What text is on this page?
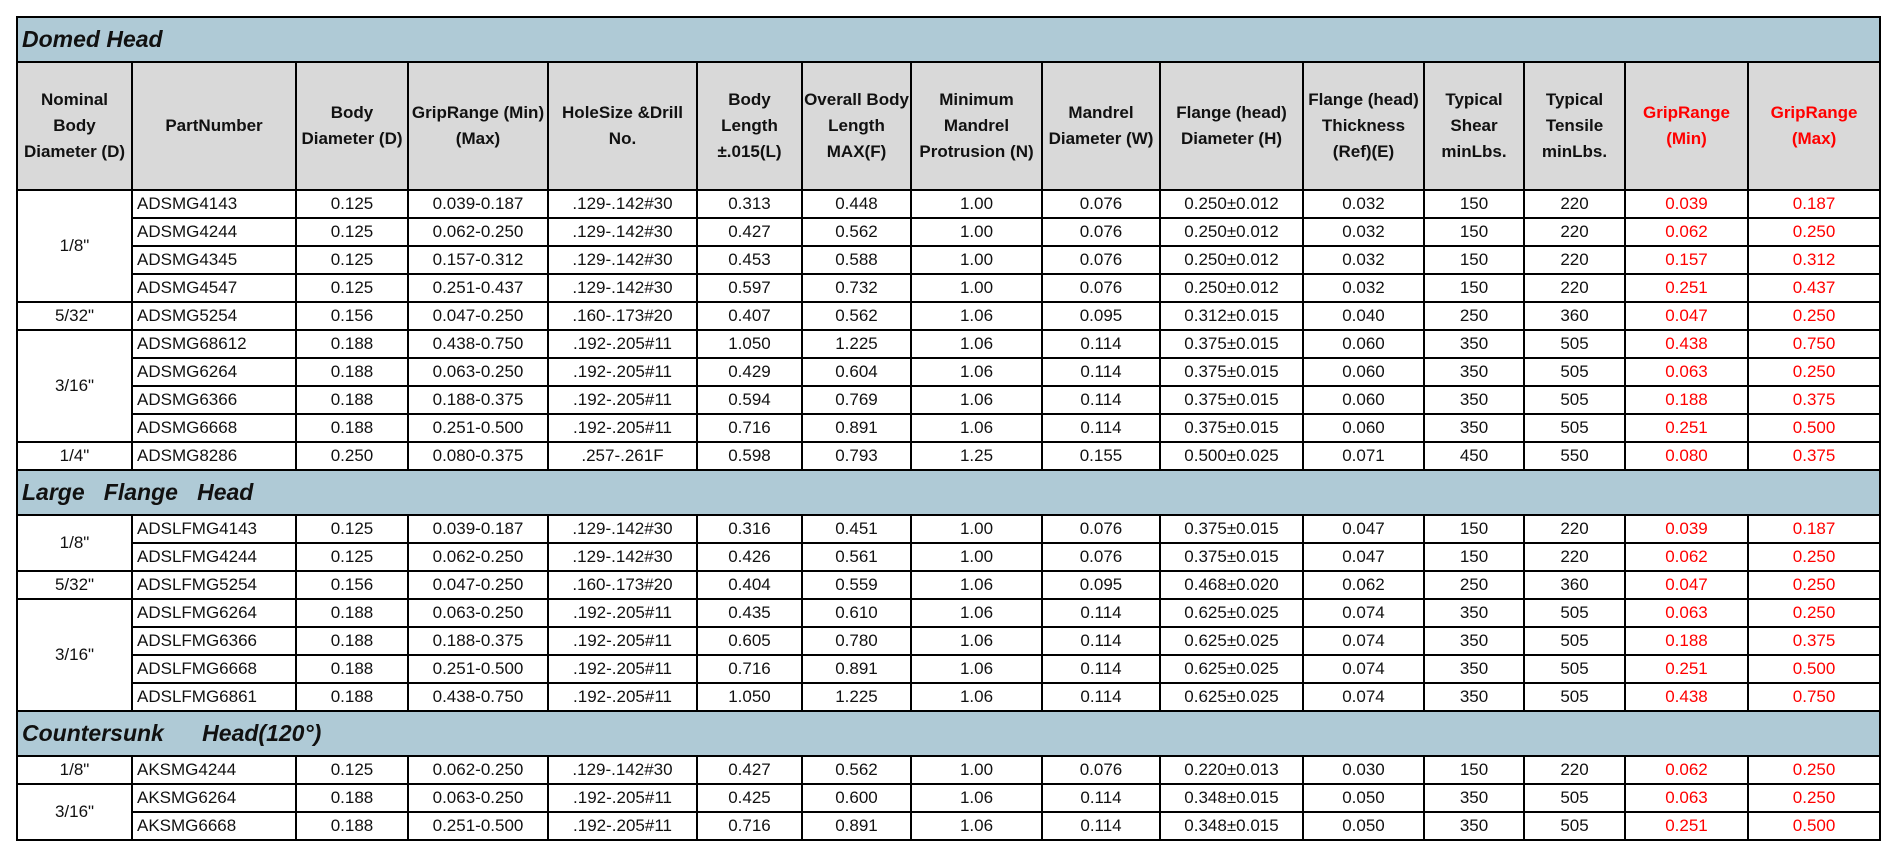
Domed Head														
Nominal Body Diameter (D)	PartNumber	Body Diameter (D)	GripRange (Min)(Max)	HoleSize &Drill No.	Body Length ±.015(L)	Overall Body Length MAX(F)	Minimum Mandrel Protrusion (N)	Mandrel Diameter (W)	Flange (head) Diameter (H)	Flange (head) Thickness (Ref)(E)	Typical Shear minLbs.	Typical Tensile minLbs.	GripRange (Min)	GripRange (Max)
1/8"	ADSMG4143	0.125	0.039-0.187	.129-.142#30	0.313	0.448	1.00	0.076	0.250±0.012	0.032	150	220	0.039	0.187
	ADSMG4244	0.125	0.062-0.250	.129-.142#30	0.427	0.562	1.00	0.076	0.250±0.012	0.032	150	220	0.062	0.250
	ADSMG4345	0.125	0.157-0.312	.129-.142#30	0.453	0.588	1.00	0.076	0.250±0.012	0.032	150	220	0.157	0.312
	ADSMG4547	0.125	0.251-0.437	.129-.142#30	0.597	0.732	1.00	0.076	0.250±0.012	0.032	150	220	0.251	0.437
5/32"	ADSMG5254	0.156	0.047-0.250	.160-.173#20	0.407	0.562	1.06	0.095	0.312±0.015	0.040	250	360	0.047	0.250
3/16"	ADSMG68612	0.188	0.438-0.750	.192-.205#11	1.050	1.225	1.06	0.114	0.375±0.015	0.060	350	505	0.438	0.750
	ADSMG6264	0.188	0.063-0.250	.192-.205#11	0.429	0.604	1.06	0.114	0.375±0.015	0.060	350	505	0.063	0.250
	ADSMG6366	0.188	0.188-0.375	.192-.205#11	0.594	0.769	1.06	0.114	0.375±0.015	0.060	350	505	0.188	0.375
	ADSMG6668	0.188	0.251-0.500	.192-.205#11	0.716	0.891	1.06	0.114	0.375±0.015	0.060	350	505	0.251	0.500
1/4"	ADSMG8286	0.250	0.080-0.375	.257-.261F	0.598	0.793	1.25	0.155	0.500±0.025	0.071	450	550	0.080	0.375
Large   Flange   Head														
1/8"	ADSLFMG4143	0.125	0.039-0.187	.129-.142#30	0.316	0.451	1.00	0.076	0.375±0.015	0.047	150	220	0.039	0.187
	ADSLFMG4244	0.125	0.062-0.250	.129-.142#30	0.426	0.561	1.00	0.076	0.375±0.015	0.047	150	220	0.062	0.250
5/32"	ADSLFMG5254	0.156	0.047-0.250	.160-.173#20	0.404	0.559	1.06	0.095	0.468±0.020	0.062	250	360	0.047	0.250
3/16"	ADSLFMG6264	0.188	0.063-0.250	.192-.205#11	0.435	0.610	1.06	0.114	0.625±0.025	0.074	350	505	0.063	0.250
	ADSLFMG6366	0.188	0.188-0.375	.192-.205#11	0.605	0.780	1.06	0.114	0.625±0.025	0.074	350	505	0.188	0.375
	ADSLFMG6668	0.188	0.251-0.500	.192-.205#11	0.716	0.891	1.06	0.114	0.625±0.025	0.074	350	505	0.251	0.500
	ADSLFMG6861	0.188	0.438-0.750	.192-.205#11	1.050	1.225	1.06	0.114	0.625±0.025	0.074	350	505	0.438	0.750
Countersunk      Head(120°)														
1/8"	AKSMG4244	0.125	0.062-0.250	.129-.142#30	0.427	0.562	1.00	0.076	0.220±0.013	0.030	150	220	0.062	0.250
3/16"	AKSMG6264	0.188	0.063-0.250	.192-.205#11	0.425	0.600	1.06	0.114	0.348±0.015	0.050	350	505	0.063	0.250
	AKSMG6668	0.188	0.251-0.500	.192-.205#11	0.716	0.891	1.06	0.114	0.348±0.015	0.050	350	505	0.251	0.500
